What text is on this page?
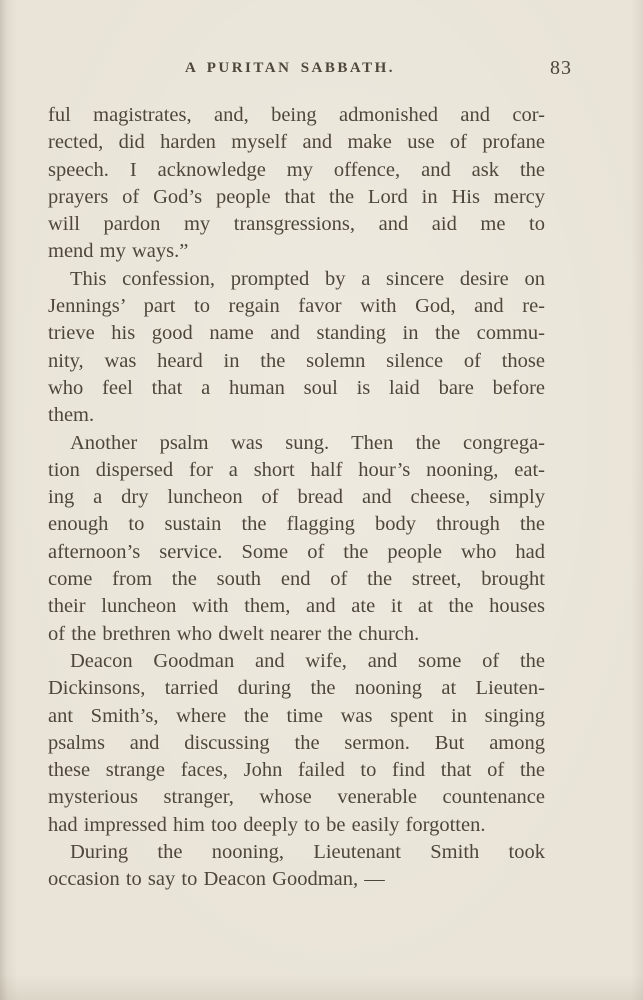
A PURITAN SABBATH.	83
ful magistrates, and, being admonished and cor-
rected, did harden myself and make use of profane
speech. I acknowledge my offence, and ask the
prayers of God’s people that the Lord in His mercy
will pardon my transgressions, and aid me to
mend my ways.”
This confession, prompted by a sincere desire on
Jennings’ part to regain favor with God, and re-
trieve his good name and standing in the commu-
nity, was heard in the solemn silence of those
who feel that a human soul is laid bare before
them.
Another psalm was sung. Then the congrega-
tion dispersed for a short half hour’s nooning, eat-
ing a dry luncheon of bread and cheese, simply
enough to sustain the flagging body through the
afternoon’s service. Some of the people who had
come from the south end of the street, brought
their luncheon with them, and ate it at the houses
of the brethren who dwelt nearer the church.
Deacon Goodman and wife, and some of the
Dickinsons, tarried during the nooning at Lieuten-
ant Smith’s, where the time was spent in singing
psalms and discussing the sermon. But among
these strange faces, John failed to find that of the
mysterious stranger, whose venerable countenance
had impressed him too deeply to be easily forgotten.
During the nooning, Lieutenant Smith took
occasion to say to Deacon Goodman, —
